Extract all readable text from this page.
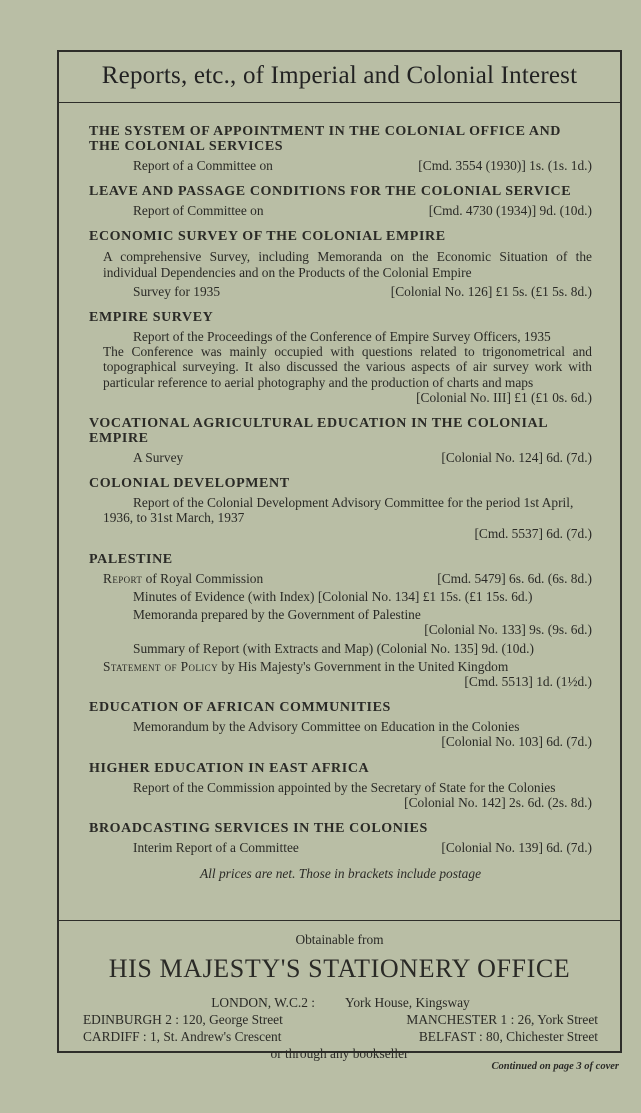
Reports, etc., of Imperial and Colonial Interest
THE SYSTEM OF APPOINTMENT IN THE COLONIAL OFFICE AND THE COLONIAL SERVICES
Report of a Committee on	[Cmd. 3554 (1930)] 1s. (1s. 1d.)
LEAVE AND PASSAGE CONDITIONS FOR THE COLONIAL SERVICE
Report of Committee on	[Cmd. 4730 (1934)] 9d. (10d.)
ECONOMIC SURVEY OF THE COLONIAL EMPIRE
A comprehensive Survey, including Memoranda on the Economic Situation of the individual Dependencies and on the Products of the Colonial Empire
Survey for 1935	[Colonial No. 126] £1 5s. (£1 5s. 8d.)
EMPIRE SURVEY
Report of the Proceedings of the Conference of Empire Survey Officers, 1935
The Conference was mainly occupied with questions related to trigonometrical and topographical surveying. It also discussed the various aspects of air survey work with particular reference to aerial photography and the production of charts and maps
[Colonial No. III] £1 (£1 0s. 6d.)
VOCATIONAL AGRICULTURAL EDUCATION IN THE COLONIAL EMPIRE
A Survey	[Colonial No. 124] 6d. (7d.)
COLONIAL DEVELOPMENT
Report of the Colonial Development Advisory Committee for the period 1st April, 1936, to 31st March, 1937
[Cmd. 5537] 6d. (7d.)
PALESTINE
Report of Royal Commission	[Cmd. 5479] 6s. 6d. (6s. 8d.)
Minutes of Evidence (with Index) [Colonial No. 134] £1 15s. (£1 15s. 6d.)
Memoranda prepared by the Government of Palestine
[Colonial No. 133] 9s. (9s. 6d.)
Summary of Report (with Extracts and Map) (Colonial No. 135] 9d. (10d.)
Statement of Policy by His Majesty's Government in the United Kingdom
[Cmd. 5513] 1d. (1½d.)
EDUCATION OF AFRICAN COMMUNITIES
Memorandum by the Advisory Committee on Education in the Colonies
[Colonial No. 103] 6d. (7d.)
HIGHER EDUCATION IN EAST AFRICA
Report of the Commission appointed by the Secretary of State for the Colonies
[Colonial No. 142] 2s. 6d. (2s. 8d.)
BROADCASTING SERVICES IN THE COLONIES
Interim Report of a Committee	[Colonial No. 139] 6d. (7d.)
All prices are net. Those in brackets include postage
Obtainable from
HIS MAJESTY'S STATIONERY OFFICE
LONDON, W.C.2 : York House, Kingsway
EDINBURGH 2 : 120, George Street	MANCHESTER 1 : 26, York Street
CARDIFF : 1, St. Andrew's Crescent	BELFAST : 80, Chichester Street
or through any bookseller
Continued on page 3 of cover
